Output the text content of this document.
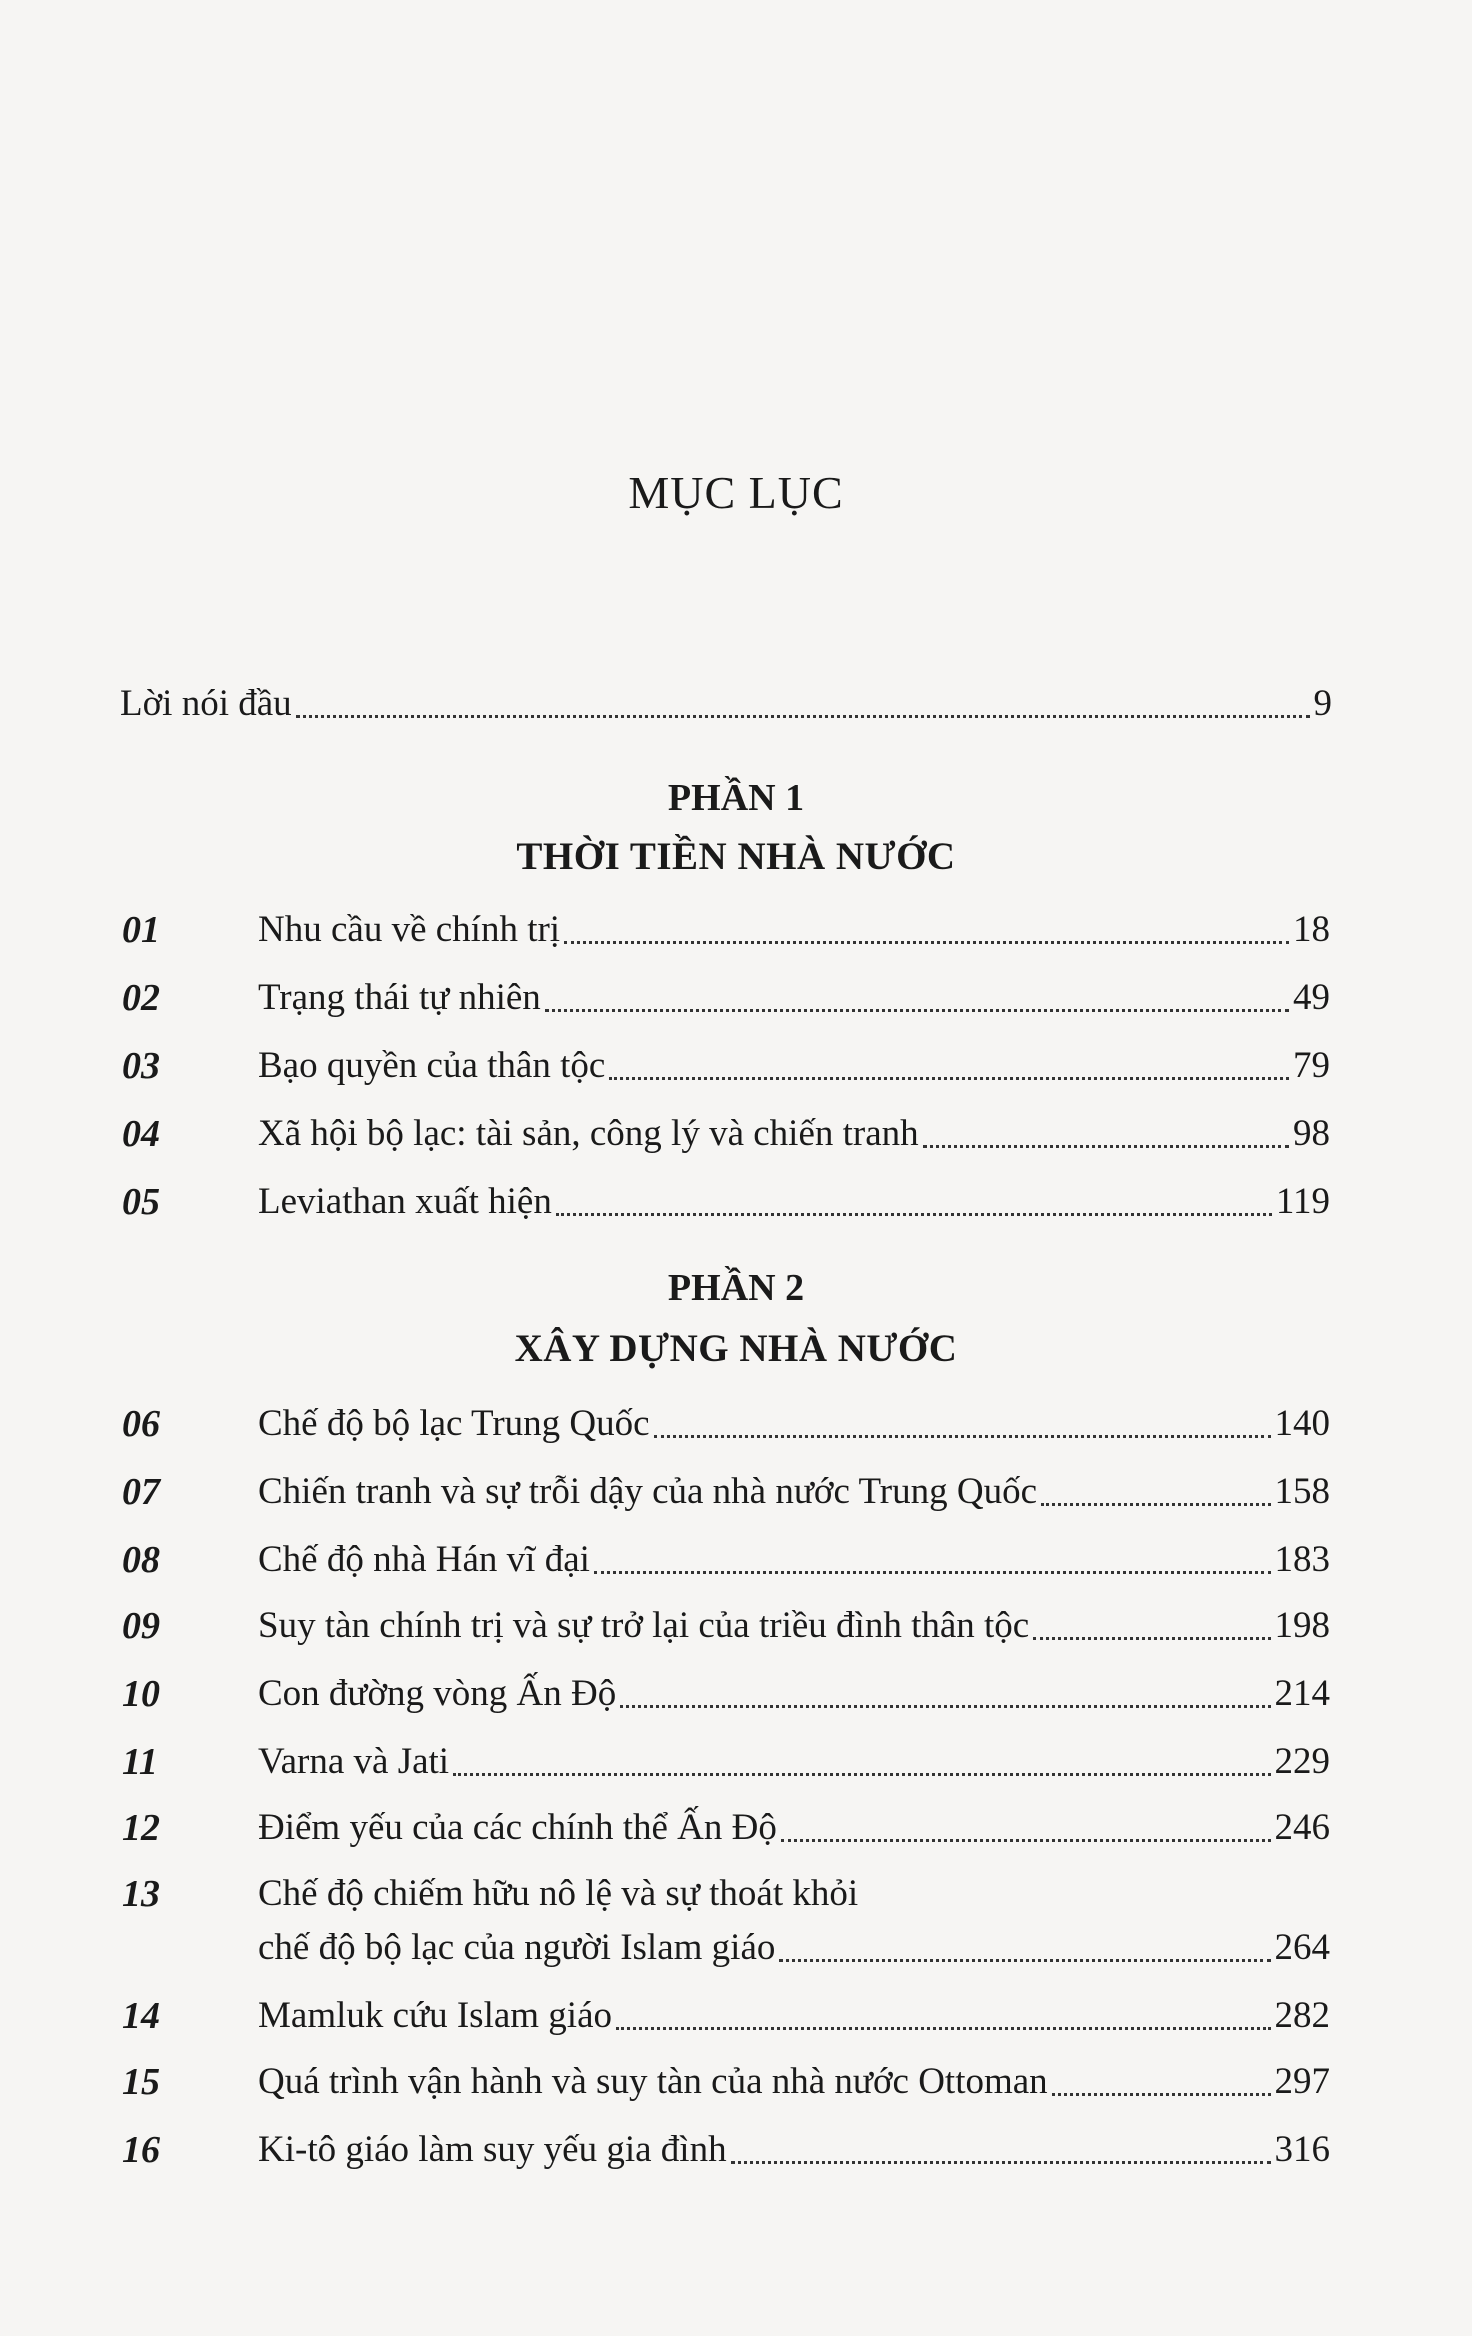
MỤC LỤC
Lời nói đầu	9
PHẦN 1
THỜI TIỀN NHÀ NƯỚC
01	Nhu cầu về chính trị	18
02	Trạng thái tự nhiên	49
03	Bạo quyền của thân tộc	79
04	Xã hội bộ lạc: tài sản, công lý và chiến tranh	98
05	Leviathan xuất hiện	119
PHẦN 2
XÂY DỰNG NHÀ NƯỚC
06	Chế độ bộ lạc Trung Quốc	140
07	Chiến tranh và sự trỗi dậy của nhà nước Trung Quốc	158
08	Chế độ nhà Hán vĩ đại	183
09	Suy tàn chính trị và sự trở lại của triều đình thân tộc	198
10	Con đường vòng Ấn Độ	214
11	Varna và Jati	229
12	Điểm yếu của các chính thể Ấn Độ	246
13	Chế độ chiếm hữu nô lệ và sự thoát khỏi
chế độ bộ lạc của người Islam giáo	264
14	Mamluk cứu Islam giáo	282
15	Quá trình vận hành và suy tàn của nhà nước Ottoman	297
16	Ki-tô giáo làm suy yếu gia đình	316
